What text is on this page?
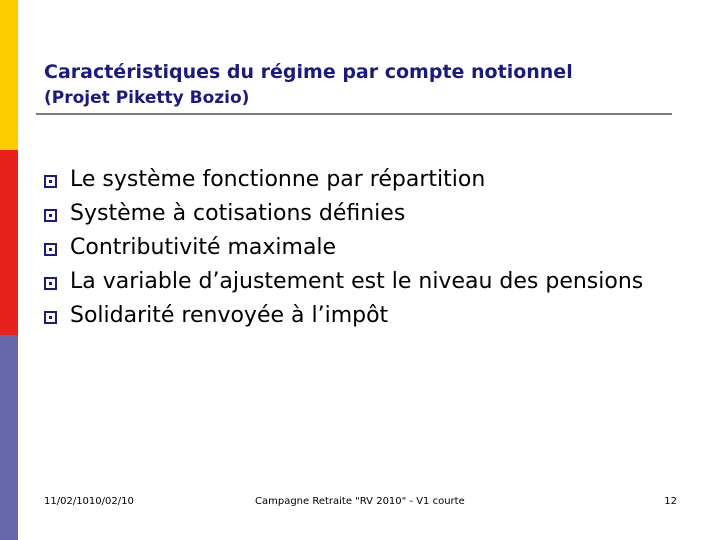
Caractéristiques du régime par compte notionnel
(Projet Piketty Bozio)
Le système fonctionne par répartition
Système à cotisations définies
Contributivité maximale
La variable d’ajustement est le niveau des pensions
Solidarité renvoyée à l’impôt
11/02/1010/02/10	Campagne Retraite "RV 2010" - V1 courte	12
